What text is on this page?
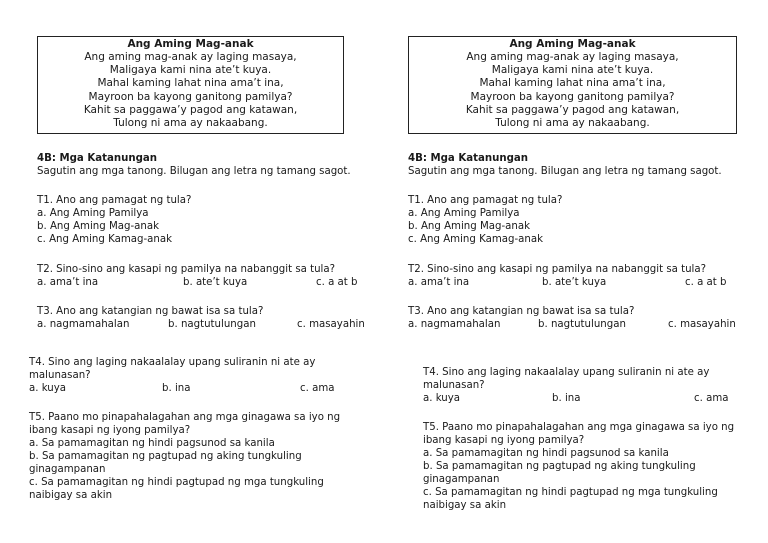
Ang Aming Mag-anak
Ang aming mag-anak ay laging masaya,
Maligaya kami nina ate’t kuya.
Mahal kaming lahat nina ama’t ina,
Mayroon ba kayong ganitong pamilya?
Kahit sa paggawa’y pagod ang katawan,
Tulong ni ama ay nakaabang.
4B: Mga Katanungan
Sagutin ang mga tanong. Bilugan ang letra ng tamang sagot.
T1. Ano ang pamagat ng tula?
a. Ang Aming Pamilya
b. Ang Aming Mag-anak
c. Ang Aming Kamag-anak
T2. Sino-sino ang kasapi ng pamilya na nabanggit sa tula?
a. ama’t ina	b. ate’t kuya	c. a at b
T3. Ano ang katangian ng bawat isa sa tula?
a. nagmamahalan	b. nagtutulungan	c. masayahin
T4. Sino ang laging nakaalalay upang suliranin ni ate ay
malunasan?
a. kuya	b. ina	c. ama
T5. Paano mo pinapahalagahan ang mga ginagawa sa iyo ng
ibang kasapi ng iyong pamilya?
a. Sa pamamagitan ng hindi pagsunod sa kanila
b. Sa pamamagitan ng pagtupad ng aking tungkuling
ginagampanan
c. Sa pamamagitan ng hindi pagtupad ng mga tungkuling
naibigay sa akin
Ang Aming Mag-anak
Ang aming mag-anak ay laging masaya,
Maligaya kami nina ate’t kuya.
Mahal kaming lahat nina ama’t ina,
Mayroon ba kayong ganitong pamilya?
Kahit sa paggawa’y pagod ang katawan,
Tulong ni ama ay nakaabang.
4B: Mga Katanungan
Sagutin ang mga tanong. Bilugan ang letra ng tamang sagot.
T1. Ano ang pamagat ng tula?
a. Ang Aming Pamilya
b. Ang Aming Mag-anak
c. Ang Aming Kamag-anak
T2. Sino-sino ang kasapi ng pamilya na nabanggit sa tula?
a. ama’t ina	b. ate’t kuya	c. a at b
T3. Ano ang katangian ng bawat isa sa tula?
a. nagmamahalan	b. nagtutulungan	c. masayahin
T4. Sino ang laging nakaalalay upang suliranin ni ate ay
malunasan?
a. kuya	b. ina	c. ama
T5. Paano mo pinapahalagahan ang mga ginagawa sa iyo ng
ibang kasapi ng iyong pamilya?
a. Sa pamamagitan ng hindi pagsunod sa kanila
b. Sa pamamagitan ng pagtupad ng aking tungkuling
ginagampanan
c. Sa pamamagitan ng hindi pagtupad ng mga tungkuling
naibigay sa akin
